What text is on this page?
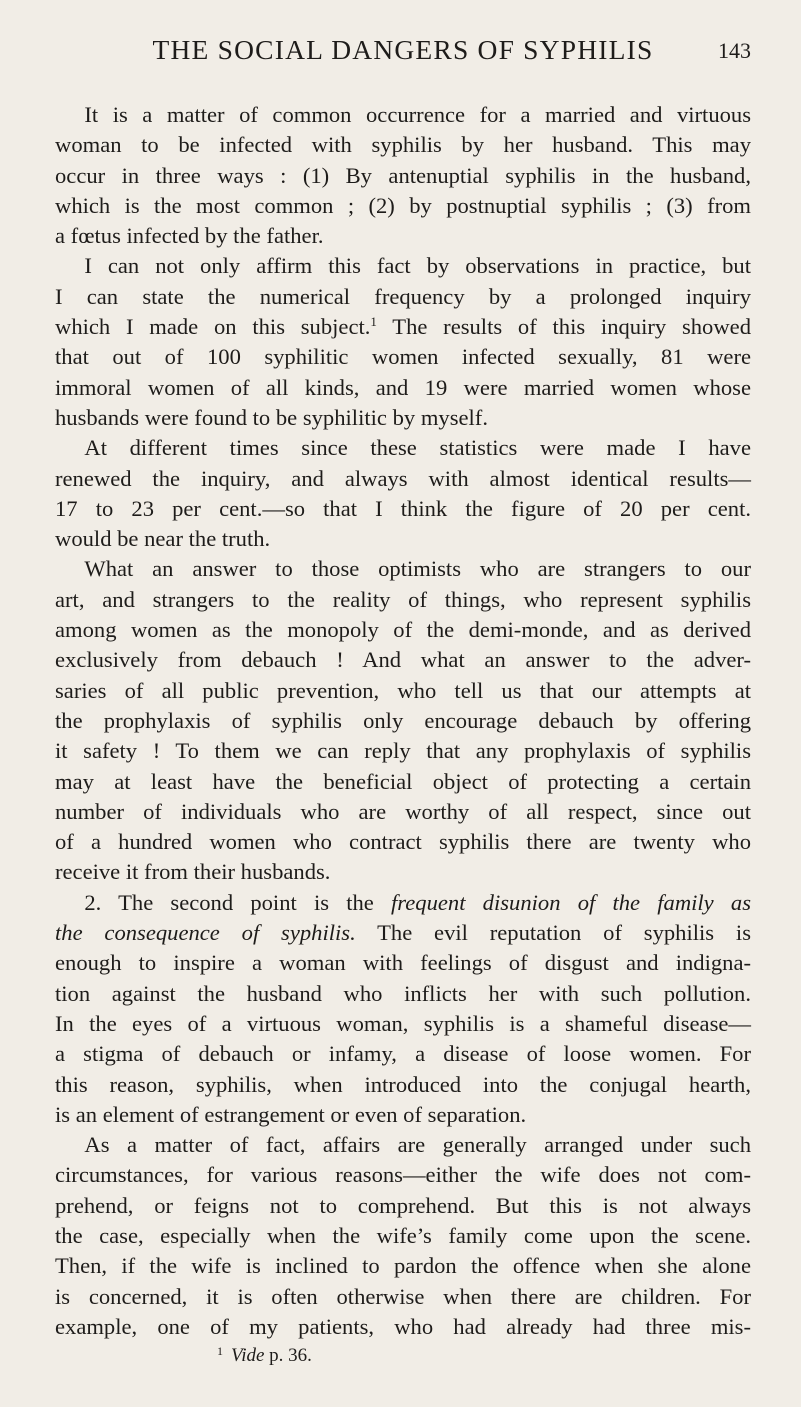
THE SOCIAL DANGERS OF SYPHILIS	143

It is a matter of common occurrence for a married and virtuous
woman to be infected with syphilis by her husband. This may
occur in three ways : (1) By antenuptial syphilis in the husband,
which is the most common ; (2) by postnuptial syphilis ; (3) from
a fœtus infected by the father.

I can not only affirm this fact by observations in practice, but
I can state the numerical frequency by a prolonged inquiry
which I made on this subject.$^1$ The results of this inquiry showed
that out of 100 syphilitic women infected sexually, 81 were
immoral women of all kinds, and 19 were married women whose
husbands were found to be syphilitic by myself.

At different times since these statistics were made I have
renewed the inquiry, and always with almost identical results—
17 to 23 per cent.—so that I think the figure of 20 per cent.
would be near the truth.

What an answer to those optimists who are strangers to our
art, and strangers to the reality of things, who represent syphilis
among women as the monopoly of the demi-monde, and as derived
exclusively from debauch ! And what an answer to the adver-
saries of all public prevention, who tell us that our attempts at
the prophylaxis of syphilis only encourage debauch by offering
it safety ! To them we can reply that any prophylaxis of syphilis
may at least have the beneficial object of protecting a certain
number of individuals who are worthy of all respect, since out
of a hundred women who contract syphilis there are twenty who
receive it from their husbands.

2. The second point is the frequent disunion of the family as
the consequence of syphilis. The evil reputation of syphilis is
enough to inspire a woman with feelings of disgust and indigna-
tion against the husband who inflicts her with such pollution.
In the eyes of a virtuous woman, syphilis is a shameful disease—
a stigma of debauch or infamy, a disease of loose women. For
this reason, syphilis, when introduced into the conjugal hearth,
is an element of estrangement or even of separation.

As a matter of fact, affairs are generally arranged under such
circumstances, for various reasons—either the wife does not com-
prehend, or feigns not to comprehend. But this is not always
the case, especially when the wife’s family come upon the scene.
Then, if the wife is inclined to pardon the offence when she alone
is concerned, it is often otherwise when there are children. For
example, one of my patients, who had already had three mis-

$^1$ Vide p. 36.
